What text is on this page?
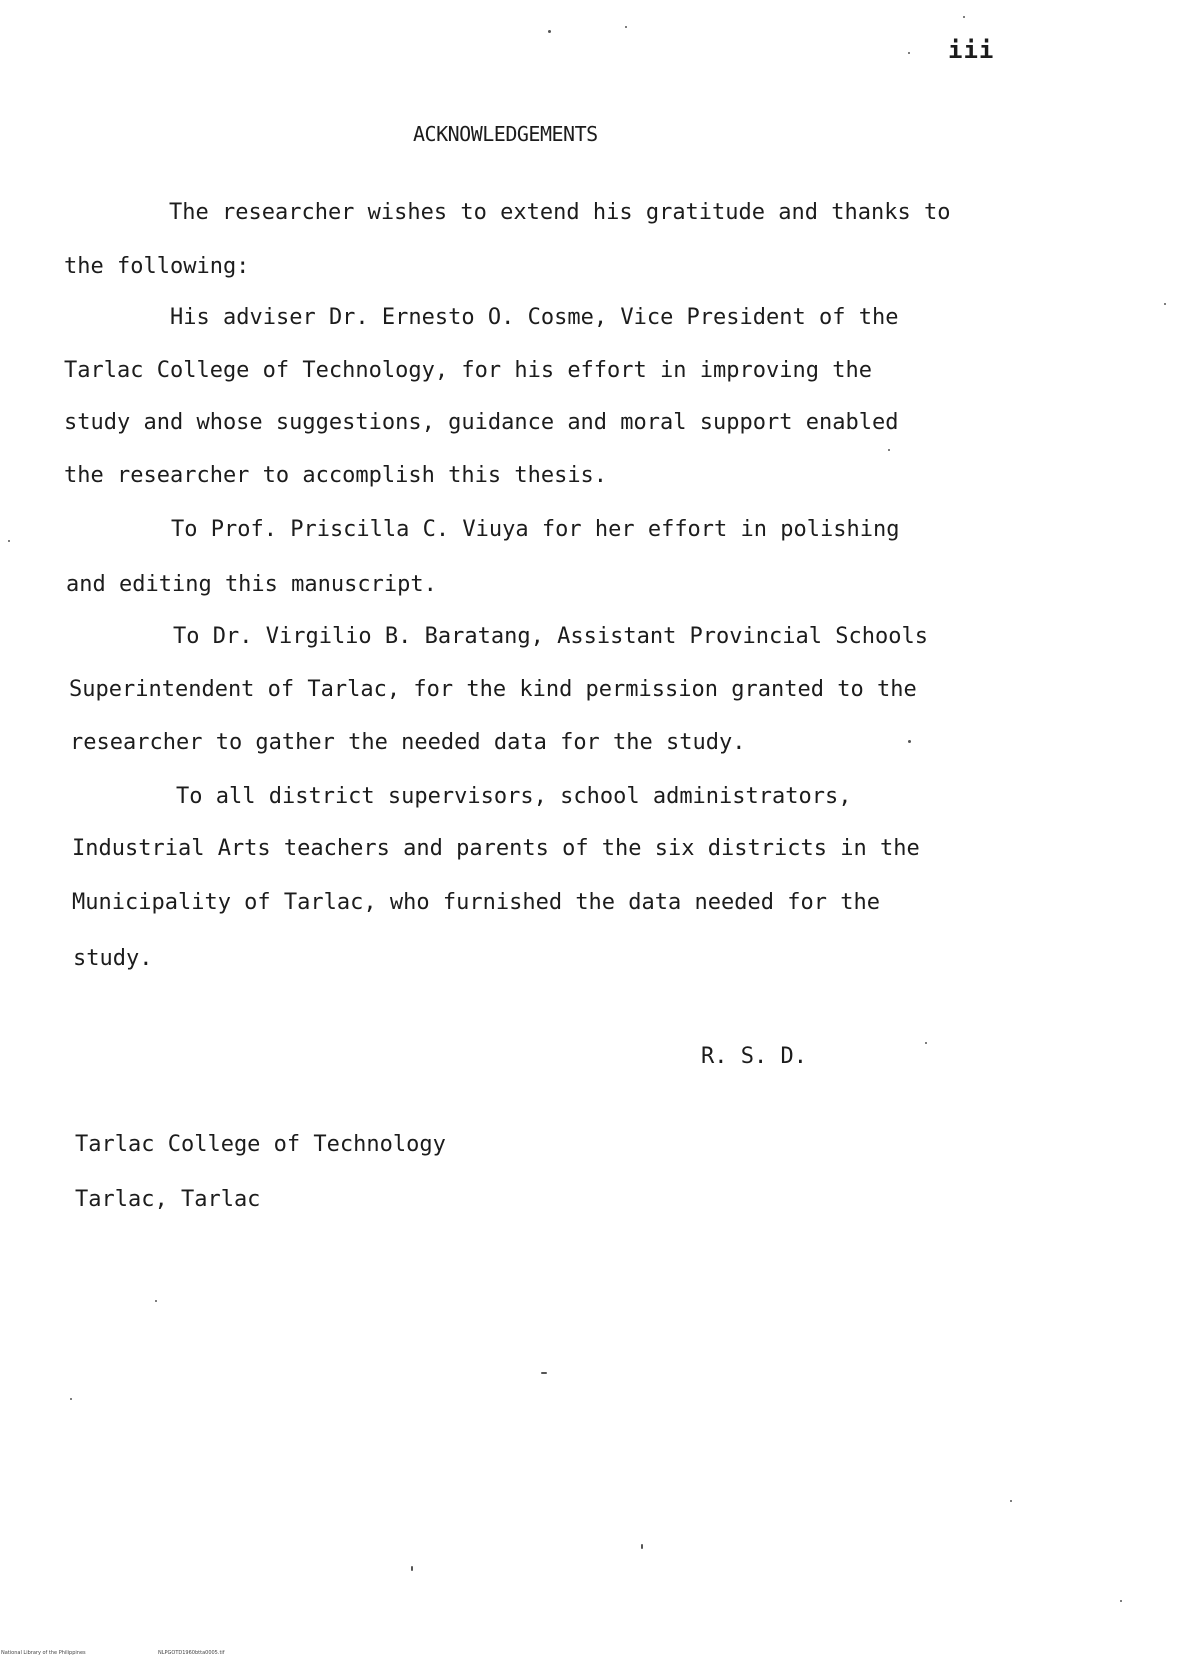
iii
ACKNOWLEDGEMENTS
The researcher wishes to extend his gratitude and thanks to
the following:
His adviser Dr. Ernesto O. Cosme, Vice President of the
Tarlac College of Technology, for his effort in improving the
study and whose suggestions, guidance and moral support enabled
the researcher to accomplish this thesis.
To Prof. Priscilla C. Viuya for her effort in polishing
and editing this manuscript.
To Dr. Virgilio B. Baratang, Assistant Provincial Schools
Superintendent of Tarlac, for the kind permission granted to the
researcher to gather the needed data for the study.
To all district supervisors, school administrators,
Industrial Arts teachers and parents of the six districts in the
Municipality of Tarlac, who furnished the data needed for the
study.
R. S. D.
Tarlac College of Technology
Tarlac, Tarlac
National Library of the Philippines	NLPGOTD1960btta0005.tif
